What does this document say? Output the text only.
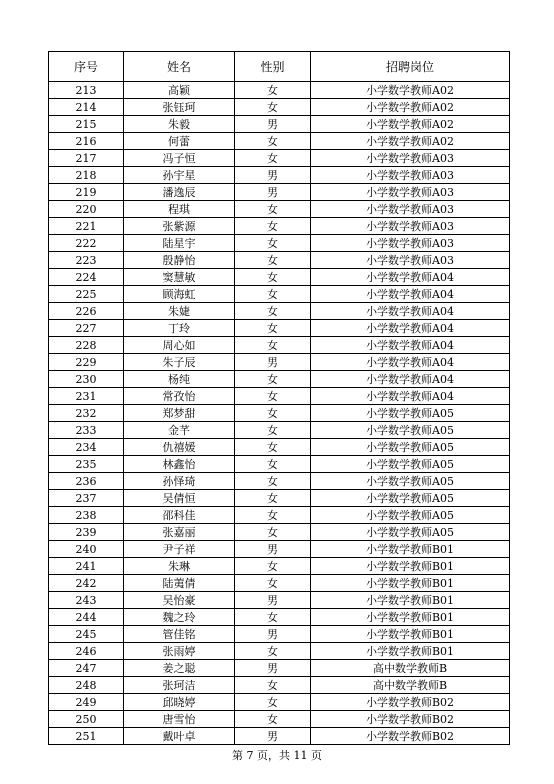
序号	姓名	性别	招聘岗位
213	高颖	女	小学数学教师A02
214	张钰珂	女	小学数学教师A02
215	朱毅	男	小学数学教师A02
216	何蕾	女	小学数学教师A02
217	冯子恒	女	小学数学教师A03
218	孙宇星	男	小学数学教师A03
219	潘逸辰	男	小学数学教师A03
220	程琪	女	小学数学教师A03
221	张紫源	女	小学数学教师A03
222	陆星宇	女	小学数学教师A03
223	殷静怡	女	小学数学教师A03
224	窦慧敏	女	小学数学教师A04
225	顾海虹	女	小学数学教师A04
226	朱婕	女	小学数学教师A04
227	丁玲	女	小学数学教师A04
228	周心如	女	小学数学教师A04
229	朱子辰	男	小学数学教师A04
230	杨纯	女	小学数学教师A04
231	常孜怡	女	小学数学教师A04
232	郑梦甜	女	小学数学教师A05
233	金芊	女	小学数学教师A05
234	仇禧媛	女	小学数学教师A05
235	林鑫怡	女	小学数学教师A05
236	孙怿琦	女	小学数学教师A05
237	吴倩恒	女	小学数学教师A05
238	邵科佳	女	小学数学教师A05
239	张嘉丽	女	小学数学教师A05
240	尹子祥	男	小学数学教师B01
241	朱琳	女	小学数学教师B01
242	陆荑倩	女	小学数学教师B01
243	吴怡豪	男	小学数学教师B01
244	魏之玲	女	小学数学教师B01
245	管佳铭	男	小学数学教师B01
246	张雨婷	女	小学数学教师B01
247	姜之聪	男	高中数学教师B
248	张珂洁	女	高中数学教师B
249	邱晓婷	女	小学数学教师B02
250	唐雪怡	女	小学数学教师B02
251	戴叶卓	男	小学数学教师B02
第 7 页，共 11 页
